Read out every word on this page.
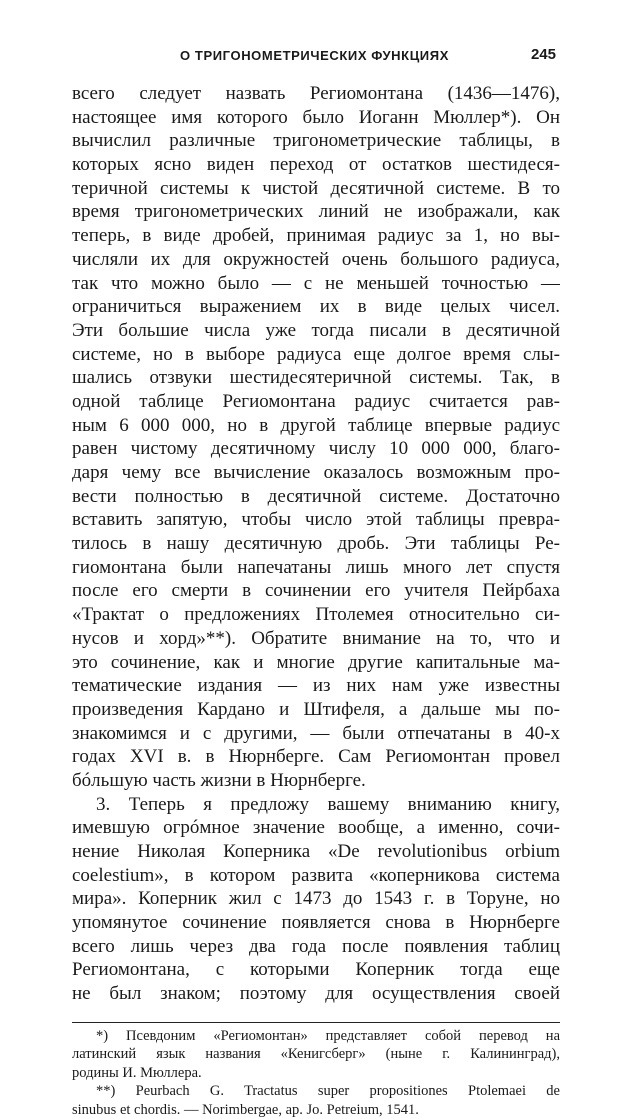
О ТРИГОНОМЕТРИЧЕСКИХ ФУНКЦИЯХ	245
всего следует назвать Региомонтана (1436—1476),
настоящее имя которого было Иоганн Мюллер*). Он
вычислил различные тригонометрические таблицы, в
которых ясно виден переход от остатков шестидеся-
теричной системы к чистой десятичной системе. В то
время тригонометрических линий не изображали, как
теперь, в виде дробей, принимая радиус за 1, но вы-
числяли их для окружностей очень большого радиуса,
так что можно было — с не меньшей точностью —
ограничиться выражением их в виде целых чисел.
Эти большие числа уже тогда писали в десятичной
системе, но в выборе радиуса еще долгое время слы-
шались отзвуки шестидесятеричной системы. Так, в
одной таблице Региомонтана радиус считается рав-
ным 6 000 000, но в другой таблице впервые радиус
равен чистому десятичному числу 10 000 000, благо-
даря чему все вычисление оказалось возможным про-
вести полностью в десятичной системе. Достаточно
вставить запятую, чтобы число этой таблицы превра-
тилось в нашу десятичную дробь. Эти таблицы Ре-
гиомонтана были напечатаны лишь много лет спустя
после его смерти в сочинении его учителя Пейрбаха
«Трактат о предложениях Птолемея относительно си-
нусов и хорд»**). Обратите внимание на то, что и
это сочинение, как и многие другие капитальные ма-
тематические издания — из них нам уже известны
произведения Кардано и Штифеля, а дальше мы по-
знакомимся и с другими, — были отпечатаны в 40-х
годах XVI в. в Нюрнберге. Сам Региомонтан провел
бóльшую часть жизни в Нюрнберге.
3. Теперь я предложу вашему вниманию книгу,
имевшую огрóмное значение вообще, а именно, сочи-
нение Николая Коперника «De revolutionibus orbium
coelestium», в котором развита «коперникова система
мира». Коперник жил с 1473 до 1543 г. в Торуне, но
упомянутое сочинение появляется снова в Нюрнберге
всего лишь через два года после появления таблиц
Региомонтана, с которыми Коперник тогда еще
не был знаком; поэтому для осуществления своей
*) Псевдоним «Региомонтан» представляет собой перевод на
латинский язык названия «Кенигсберг» (ныне г. Калининград),
родины И. Мюллера.
**) Peurbach G. Tractatus super propositiones Ptolemaei de
sinubus et chordis. — Norimbergae, ap. Jo. Petreium, 1541.
